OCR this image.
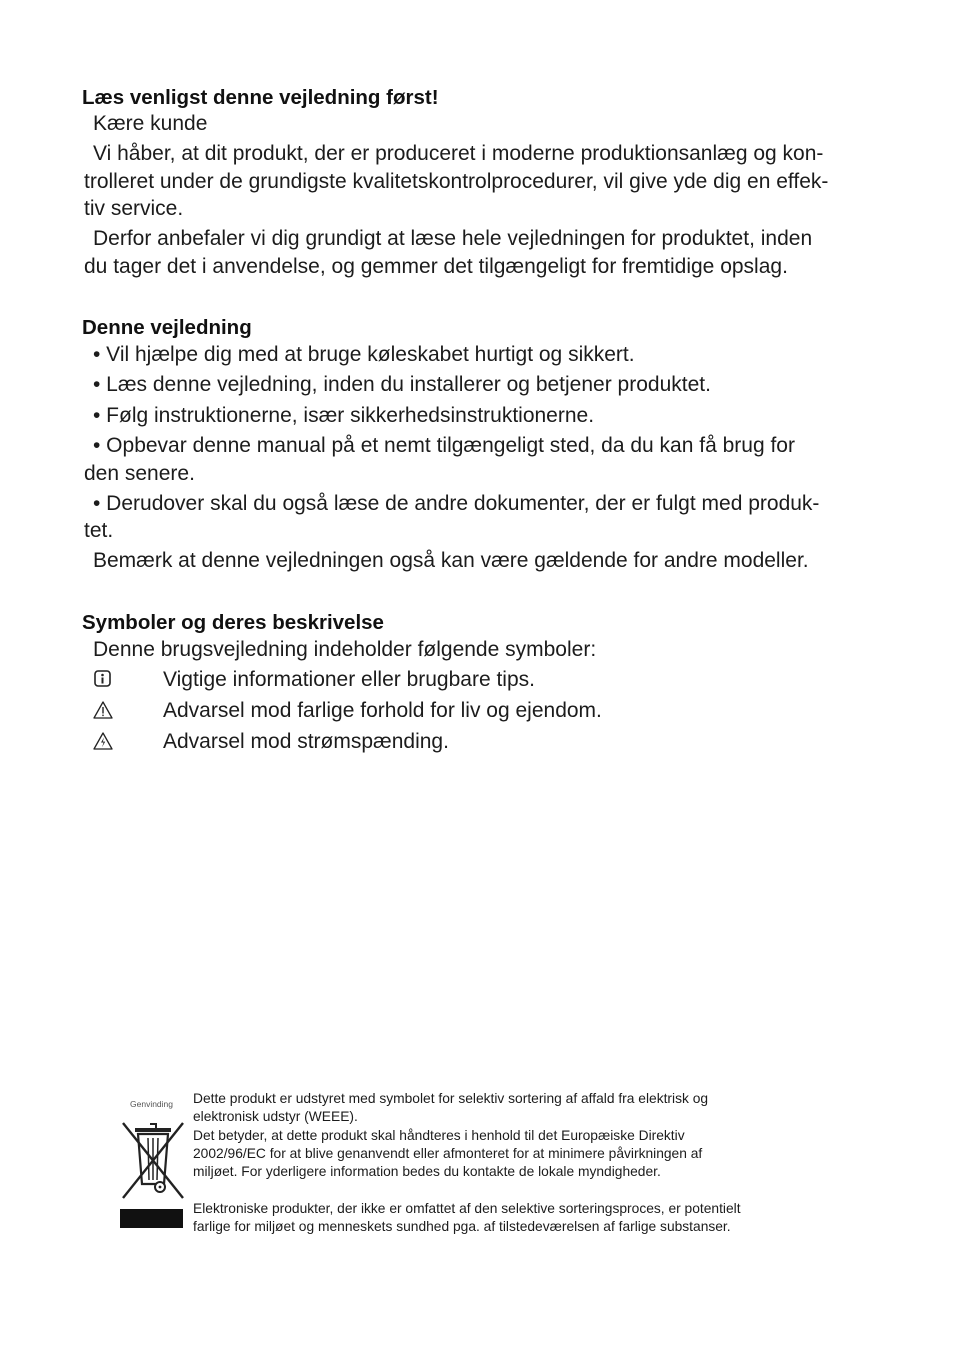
Læs venligst denne vejledning først!
Kære kunde
Vi håber, at dit produkt, der er produceret i moderne produktionsanlæg og kon-
trolleret under de grundigste kvalitetskontrolprocedurer, vil give yde dig en effek-
tiv service.
Derfor anbefaler vi dig grundigt at læse hele vejledningen for produktet, inden
du tager det i anvendelse, og gemmer det tilgængeligt for fremtidige opslag.
Denne vejledning
• Vil hjælpe dig med at bruge køleskabet hurtigt og sikkert.
• Læs denne vejledning, inden du installerer og betjener produktet.
• Følg instruktionerne, især sikkerhedsinstruktionerne.
• Opbevar denne manual på et nemt tilgængeligt sted, da du kan få brug for
den senere.
• Derudover skal du også læse de andre dokumenter, der er fulgt med produk-
tet.
Bemærk at denne vejledningen også kan være gældende for andre modeller.
Symboler og deres beskrivelse
Denne brugsvejledning indeholder følgende symboler:
Vigtige informationer eller brugbare tips.
Advarsel mod farlige forhold for liv og ejendom.
Advarsel mod strømspænding.
Genvinding Dette produkt er udstyret med symbolet for selektiv sortering af affald fra elektrisk og
elektronisk udstyr (WEEE).
Det betyder, at dette produkt skal håndteres i henhold til det Europæiske Direktiv
2002/96/EC for at blive genanvendt eller afmonteret for at minimere påvirkningen af
miljøet. For yderligere information bedes du kontakte de lokale myndigheder.
Elektroniske produkter, der ikke er omfattet af den selektive sorteringsproces, er potentielt
farlige for miljøet og menneskets sundhed pga. af tilstedeværelsen af farlige substanser.
